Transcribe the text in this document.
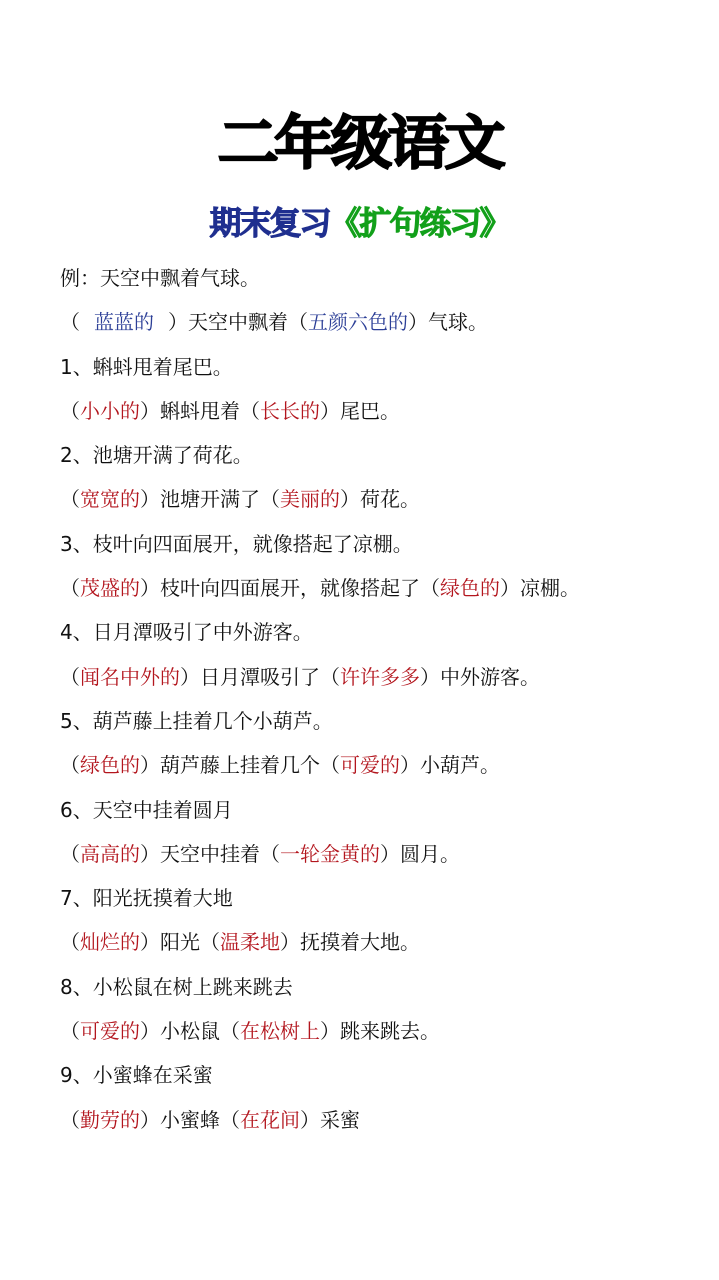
二年级语文
期末复习《扩句练习》
例：天空中飘着气球。
（ 蓝蓝的 ）天空中飘着（五颜六色的）气球。
1、蝌蚪甩着尾巴。
（小小的）蝌蚪甩着（长长的）尾巴。
2、池塘开满了荷花。
（宽宽的）池塘开满了（美丽的）荷花。
3、枝叶向四面展开，就像搭起了凉棚。
（茂盛的）枝叶向四面展开，就像搭起了（绿色的）凉棚。
4、日月潭吸引了中外游客。
（闻名中外的）日月潭吸引了（许许多多）中外游客。
5、葫芦藤上挂着几个小葫芦。
（绿色的）葫芦藤上挂着几个（可爱的）小葫芦。
6、天空中挂着圆月
（高高的）天空中挂着（一轮金黄的）圆月。
7、阳光抚摸着大地
（灿烂的）阳光（温柔地）抚摸着大地。
8、小松鼠在树上跳来跳去
（可爱的）小松鼠（在松树上）跳来跳去。
9、小蜜蜂在采蜜
（勤劳的）小蜜蜂（在花间）采蜜
